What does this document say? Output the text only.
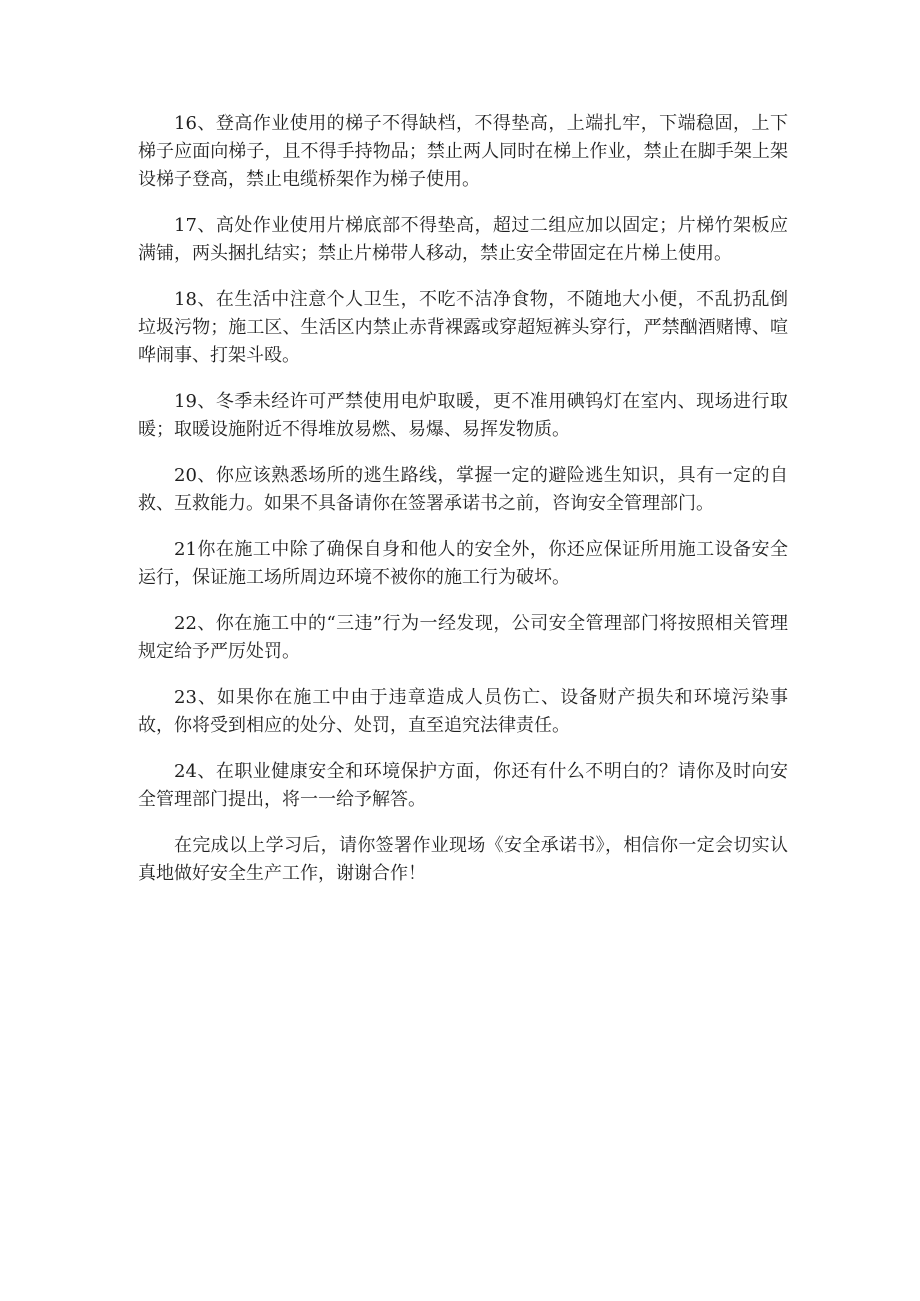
16、登高作业使用的梯子不得缺档，不得垫高，上端扎牢，下端稳固，上下梯子应面向梯子，且不得手持物品；禁止两人同时在梯上作业，禁止在脚手架上架设梯子登高，禁止电缆桥架作为梯子使用。

17、高处作业使用片梯底部不得垫高，超过二组应加以固定；片梯竹架板应满铺，两头捆扎结实；禁止片梯带人移动，禁止安全带固定在片梯上使用。

18、在生活中注意个人卫生，不吃不洁净食物，不随地大小便，不乱扔乱倒垃圾污物；施工区、生活区内禁止赤背裸露或穿超短裤头穿行，严禁酗酒赌博、喧哗闹事、打架斗殴。

19、冬季未经许可严禁使用电炉取暖，更不准用碘钨灯在室内、现场进行取暖；取暖设施附近不得堆放易燃、易爆、易挥发物质。

20、你应该熟悉场所的逃生路线，掌握一定的避险逃生知识，具有一定的自救、互救能力。如果不具备请你在签署承诺书之前，咨询安全管理部门。

21你在施工中除了确保自身和他人的安全外，你还应保证所用施工设备安全运行，保证施工场所周边环境不被你的施工行为破坏。

22、你在施工中的“三违”行为一经发现，公司安全管理部门将按照相关管理规定给予严厉处罚。

23、如果你在施工中由于违章造成人员伤亡、设备财产损失和环境污染事故，你将受到相应的处分、处罚，直至追究法律责任。

24、在职业健康安全和环境保护方面，你还有什么不明白的？请你及时向安全管理部门提出，将一一给予解答。

在完成以上学习后，请你签署作业现场《安全承诺书》，相信你一定会切实认真地做好安全生产工作，谢谢合作！
